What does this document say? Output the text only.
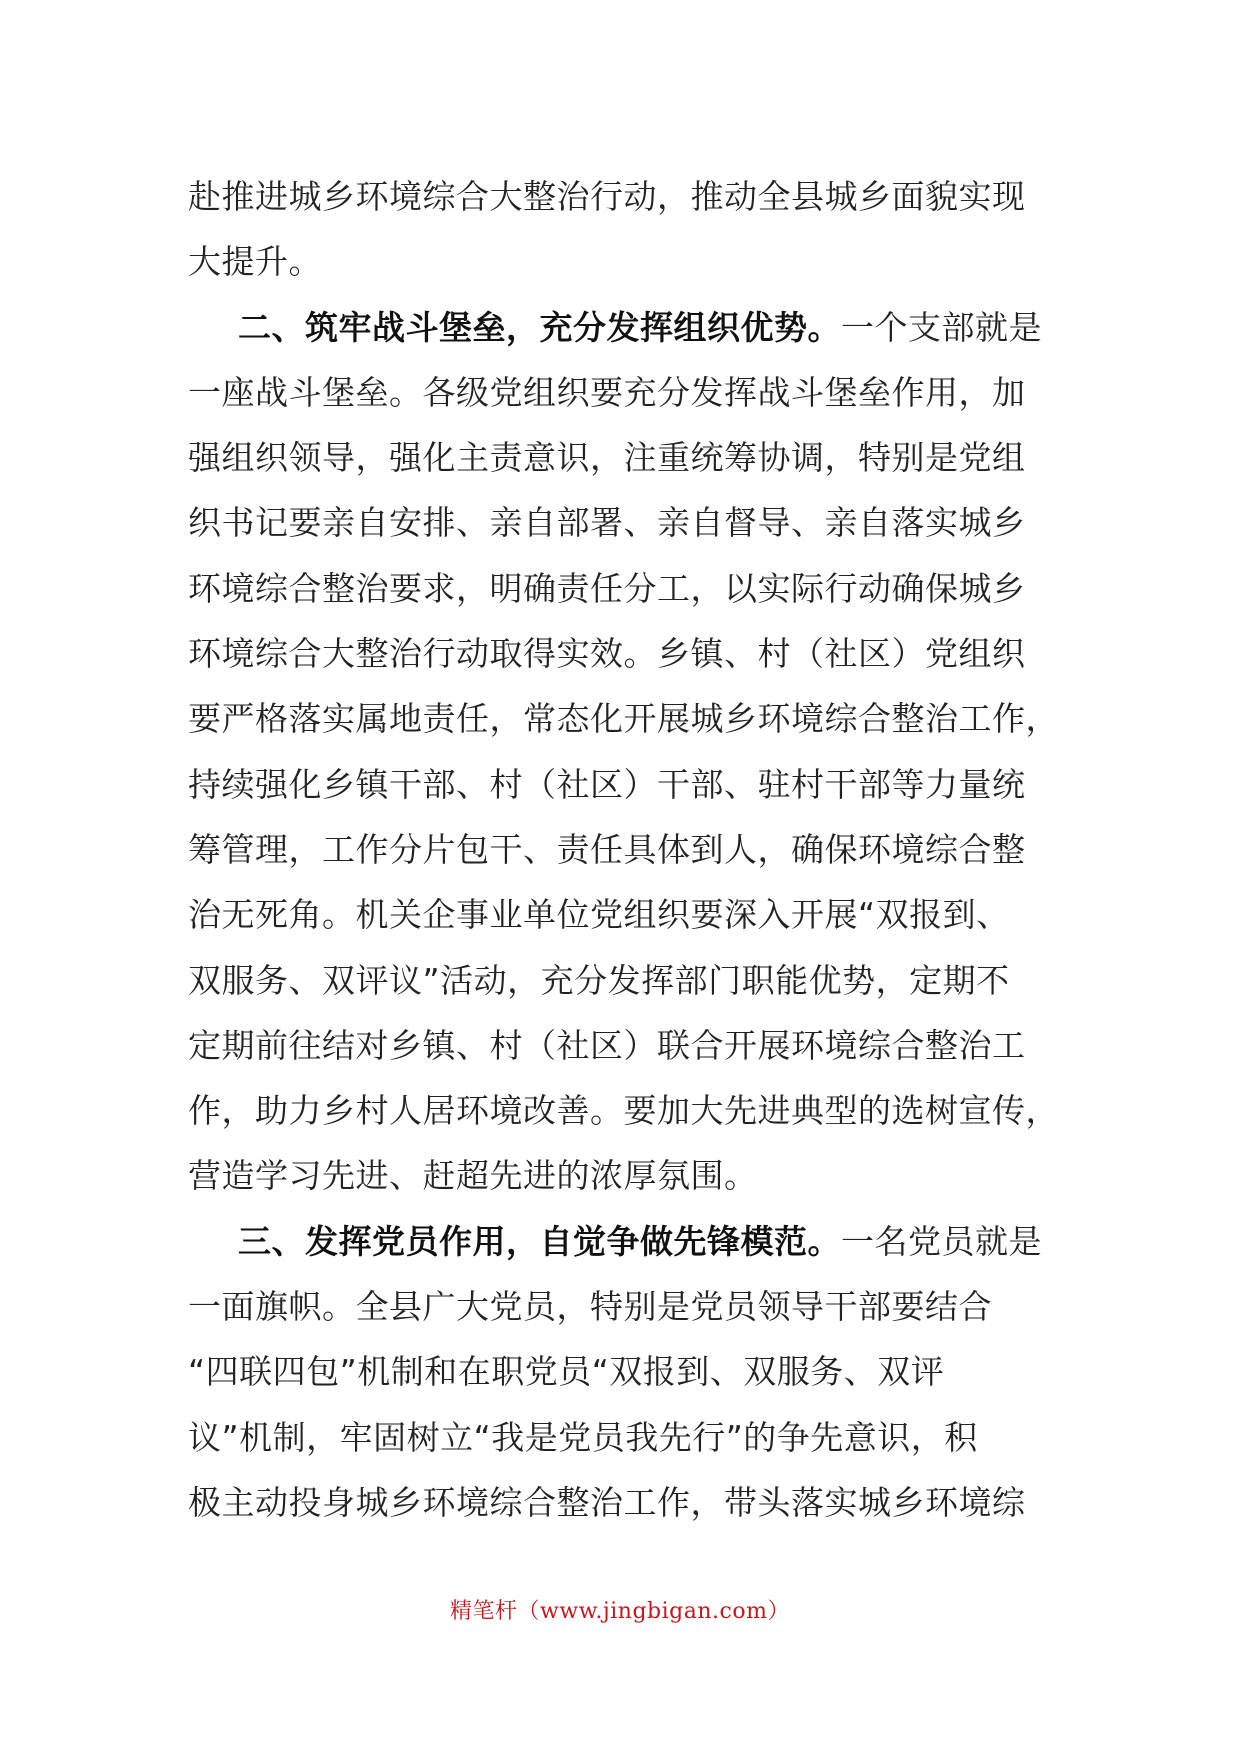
赴推进城乡环境综合大整治行动，推动全县城乡面貌实现
大提升。
二、筑牢战斗堡垒，充分发挥组织优势。一个支部就是
一座战斗堡垒。各级党组织要充分发挥战斗堡垒作用，加
强组织领导，强化主责意识，注重统筹协调，特别是党组
织书记要亲自安排、亲自部署、亲自督导、亲自落实城乡
环境综合整治要求，明确责任分工，以实际行动确保城乡
环境综合大整治行动取得实效。乡镇、村（社区）党组织
要严格落实属地责任，常态化开展城乡环境综合整治工作，
持续强化乡镇干部、村（社区）干部、驻村干部等力量统
筹管理，工作分片包干、责任具体到人，确保环境综合整
治无死角。机关企事业单位党组织要深入开展“双报到、
双服务、双评议”活动，充分发挥部门职能优势，定期不
定期前往结对乡镇、村（社区）联合开展环境综合整治工
作，助力乡村人居环境改善。要加大先进典型的选树宣传，
营造学习先进、赶超先进的浓厚氛围。
三、发挥党员作用，自觉争做先锋模范。一名党员就是
一面旗帜。全县广大党员，特别是党员领导干部要结合
“四联四包”机制和在职党员“双报到、双服务、双评
议”机制，牢固树立“我是党员我先行”的争先意识，积
极主动投身城乡环境综合整治工作，带头落实城乡环境综
精笔杆（www.jingbigan.com）
